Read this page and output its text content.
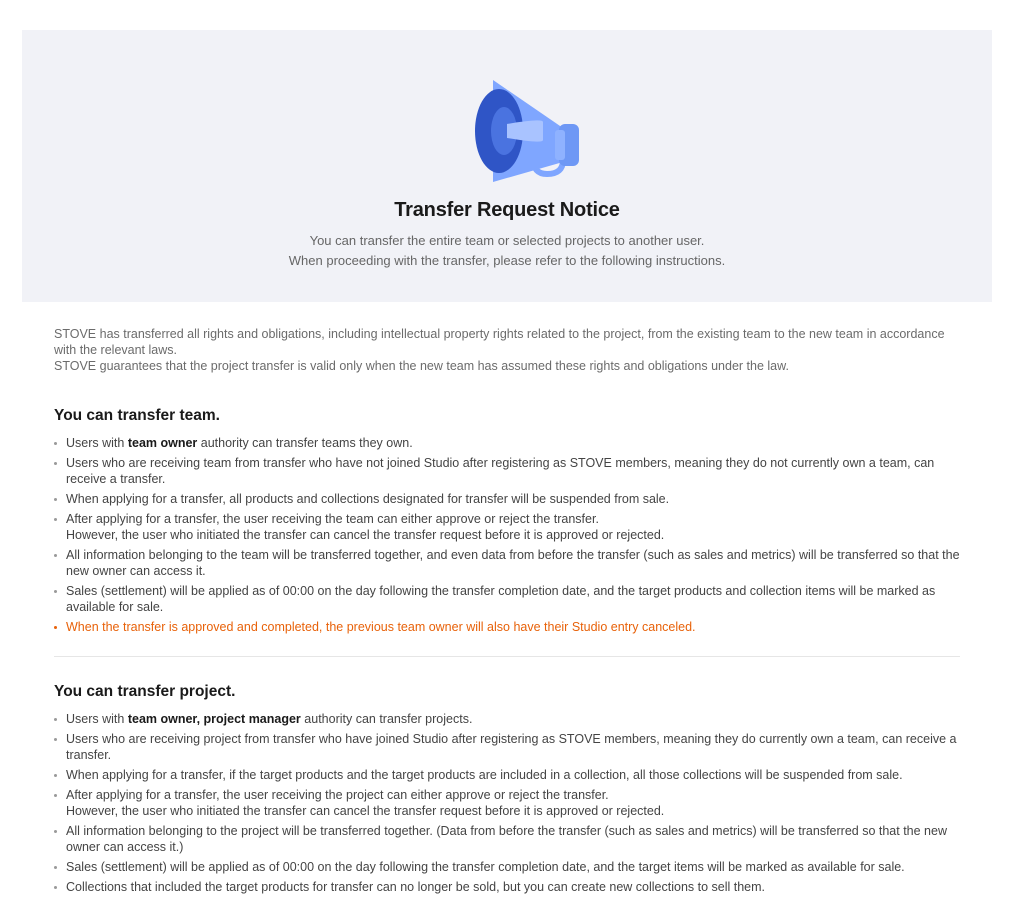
Transfer Request Notice
You can transfer the entire team or selected projects to another user.
When proceeding with the transfer, please refer to the following instructions.

STOVE has transferred all rights and obligations, including intellectual property rights related to the project, from the existing team to the new team in accordance with the relevant laws.

STOVE guarantees that the project transfer is valid only when the new team has assumed these rights and obligations under the law.

You can transfer team.
Users with team owner authority can transfer teams they own.
Users who are receiving team from transfer who have not joined Studio after registering as STOVE members, meaning they do not currently own a team, can receive a transfer.
When applying for a transfer, all products and collections designated for transfer will be suspended from sale.
After applying for a transfer, the user receiving the team can either approve or reject the transfer.
However, the user who initiated the transfer can cancel the transfer request before it is approved or rejected.
All information belonging to the team will be transferred together, and even data from before the transfer (such as sales and metrics) will be transferred so that the new owner can access it.
Sales (settlement) will be applied as of 00:00 on the day following the transfer completion date, and the target products and collection items will be marked as available for sale.
When the transfer is approved and completed, the previous team owner will also have their Studio entry canceled.
You can transfer project.
Users with team owner, project manager authority can transfer projects.
Users who are receiving project from transfer who have joined Studio after registering as STOVE members, meaning they do currently own a team, can receive a transfer.
When applying for a transfer, if the target products and the target products are included in a collection, all those collections will be suspended from sale.
After applying for a transfer, the user receiving the project can either approve or reject the transfer.
However, the user who initiated the transfer can cancel the transfer request before it is approved or rejected.
All information belonging to the project will be transferred together. (Data from before the transfer (such as sales and metrics) will be transferred so that the new owner can access it.)
Sales (settlement) will be applied as of 00:00 on the day following the transfer completion date, and the target items will be marked as available for sale.
Collections that included the target products for transfer can no longer be sold, but you can create new collections to sell them.
